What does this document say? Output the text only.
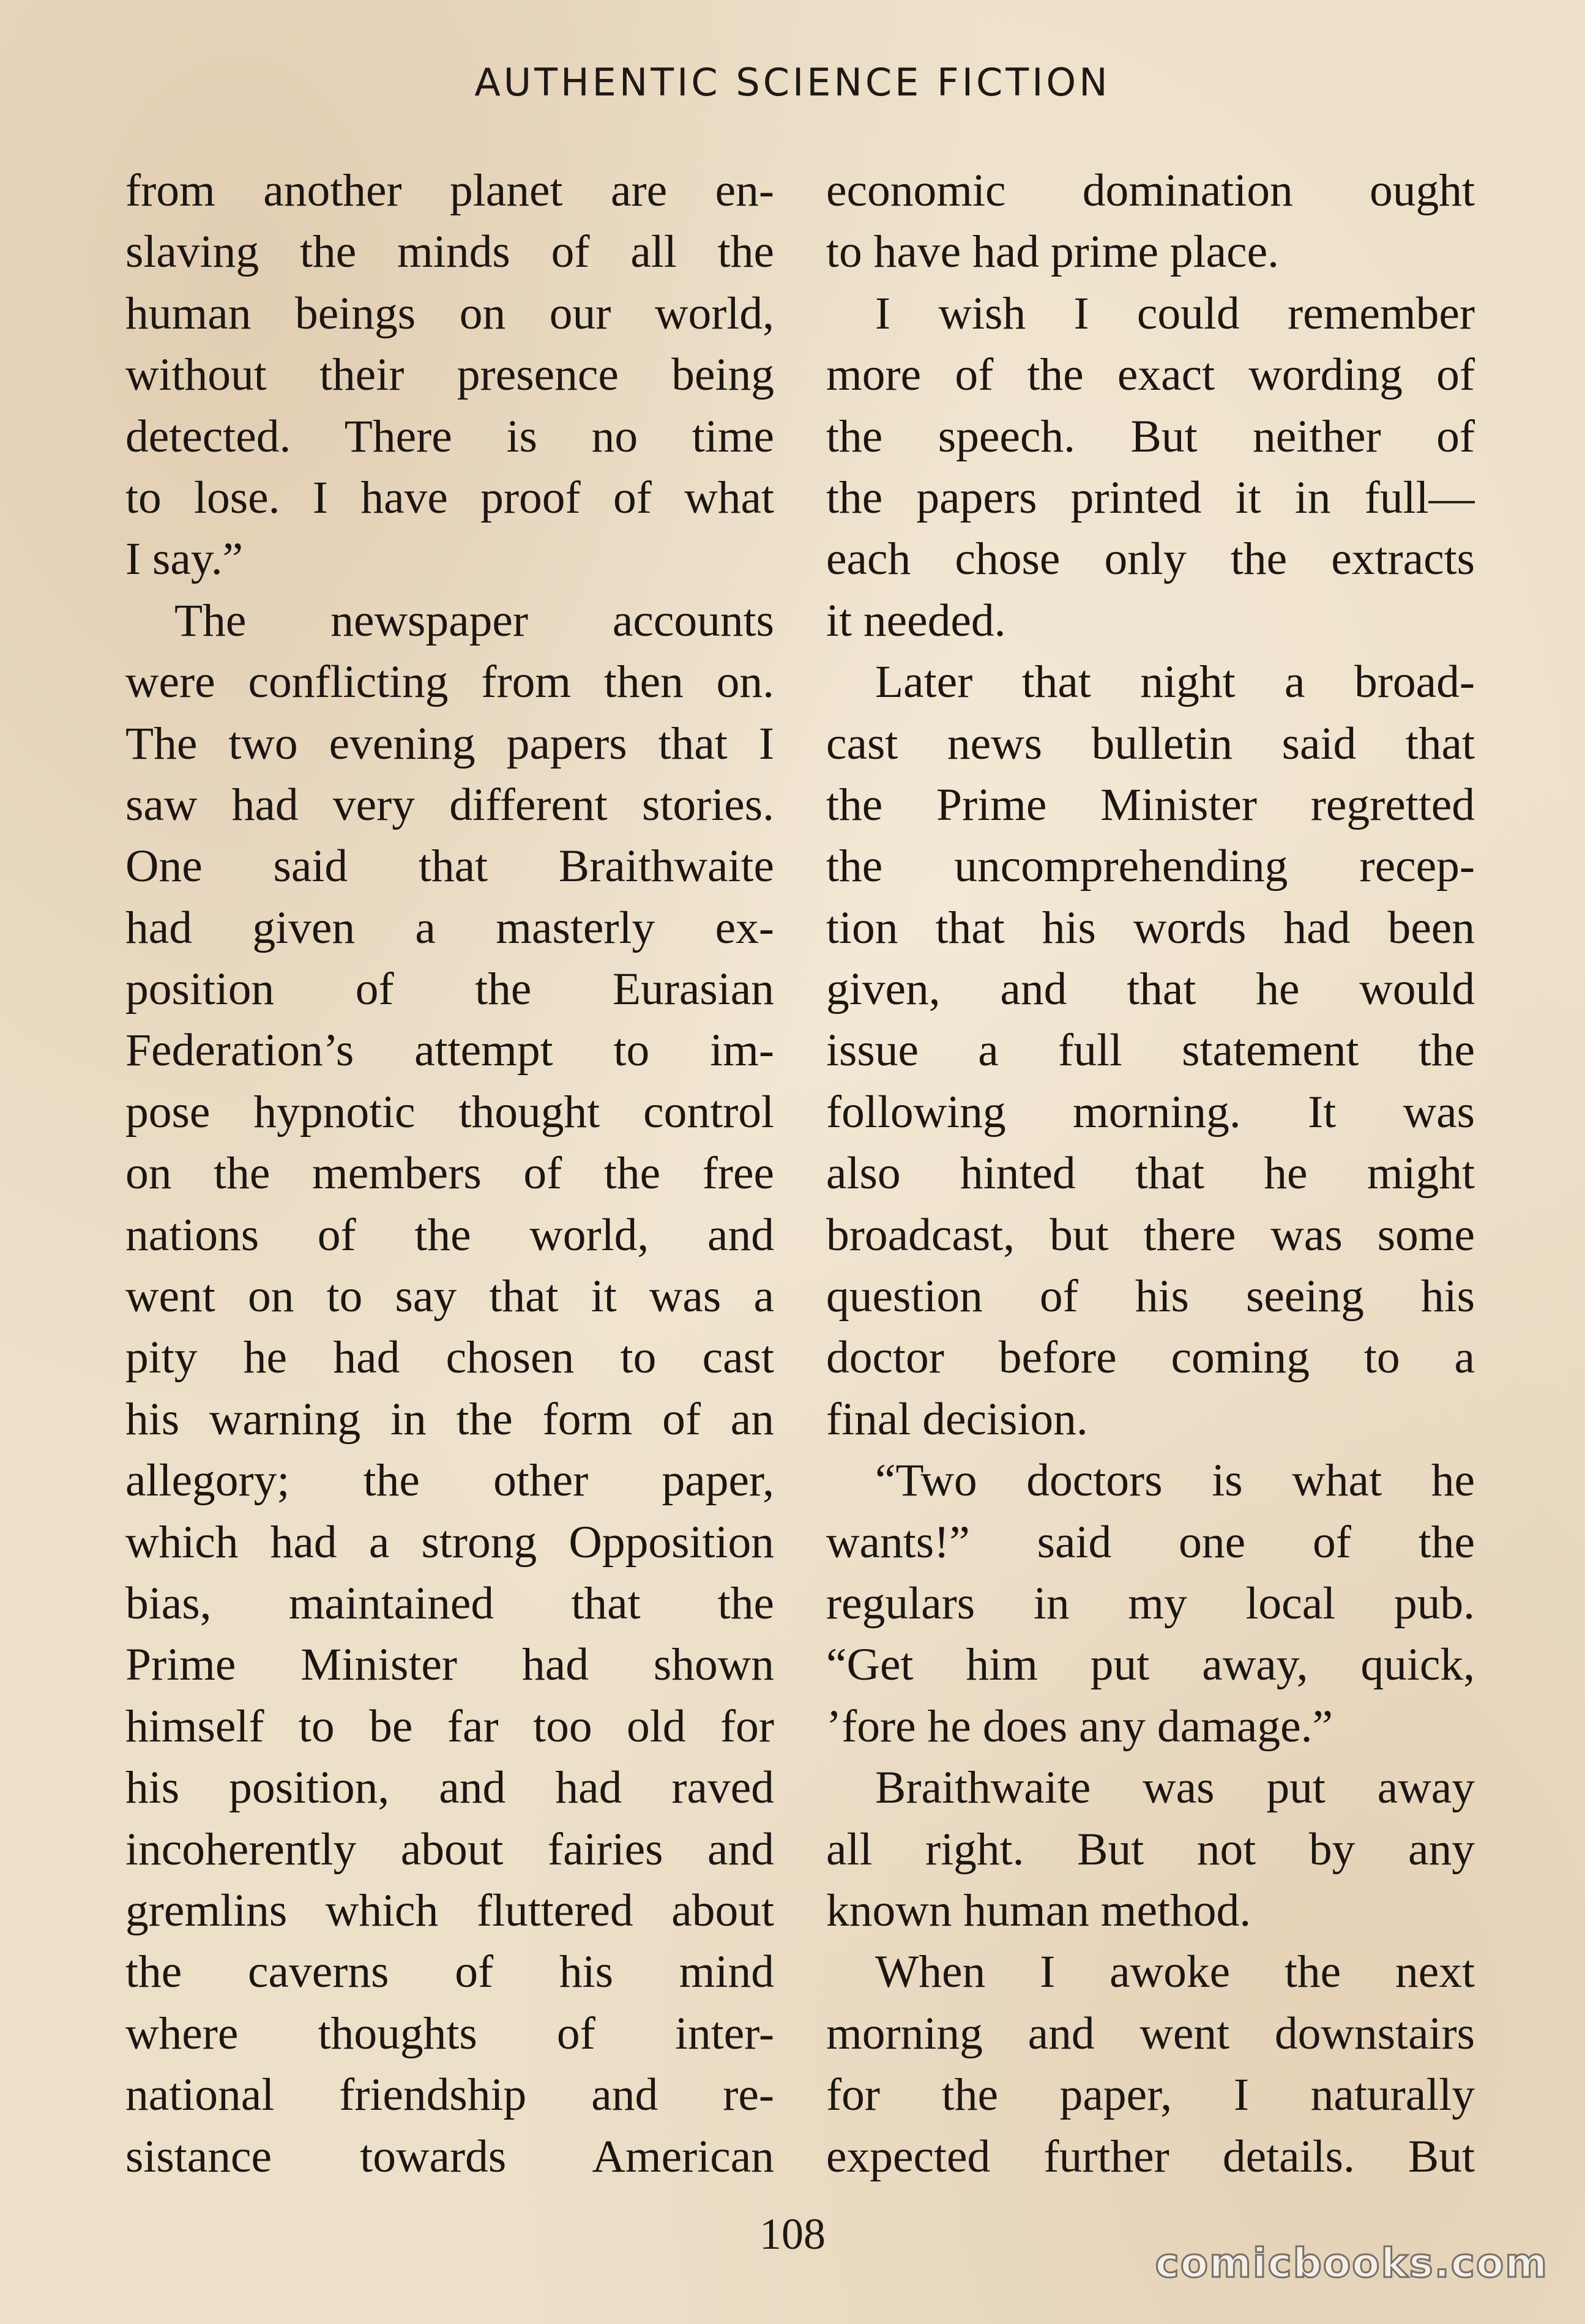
AUTHENTIC SCIENCE FICTION
from another planet are en-
slaving the minds of all the
human beings on our world,
without their presence being
detected. There is no time
to lose. I have proof of what
I say.”
The newspaper accounts
were conflicting from then on.
The two evening papers that I
saw had very different stories.
One said that Braithwaite
had given a masterly ex-
position of the Eurasian
Federation’s attempt to im-
pose hypnotic thought control
on the members of the free
nations of the world, and
went on to say that it was a
pity he had chosen to cast
his warning in the form of an
allegory; the other paper,
which had a strong Opposition
bias, maintained that the
Prime Minister had shown
himself to be far too old for
his position, and had raved
incoherently about fairies and
gremlins which fluttered about
the caverns of his mind
where thoughts of inter-
national friendship and re-
sistance towards American
economic domination ought
to have had prime place.
I wish I could remember
more of the exact wording of
the speech. But neither of
the papers printed it in full—
each chose only the extracts
it needed.
Later that night a broad-
cast news bulletin said that
the Prime Minister regretted
the uncomprehending recep-
tion that his words had been
given, and that he would
issue a full statement the
following morning. It was
also hinted that he might
broadcast, but there was some
question of his seeing his
doctor before coming to a
final decision.
“Two doctors is what he
wants!” said one of the
regulars in my local pub.
“Get him put away, quick,
’fore he does any damage.”
Braithwaite was put away
all right. But not by any
known human method.
When I awoke the next
morning and went downstairs
for the paper, I naturally
expected further details. But
108
comicbooks.com
